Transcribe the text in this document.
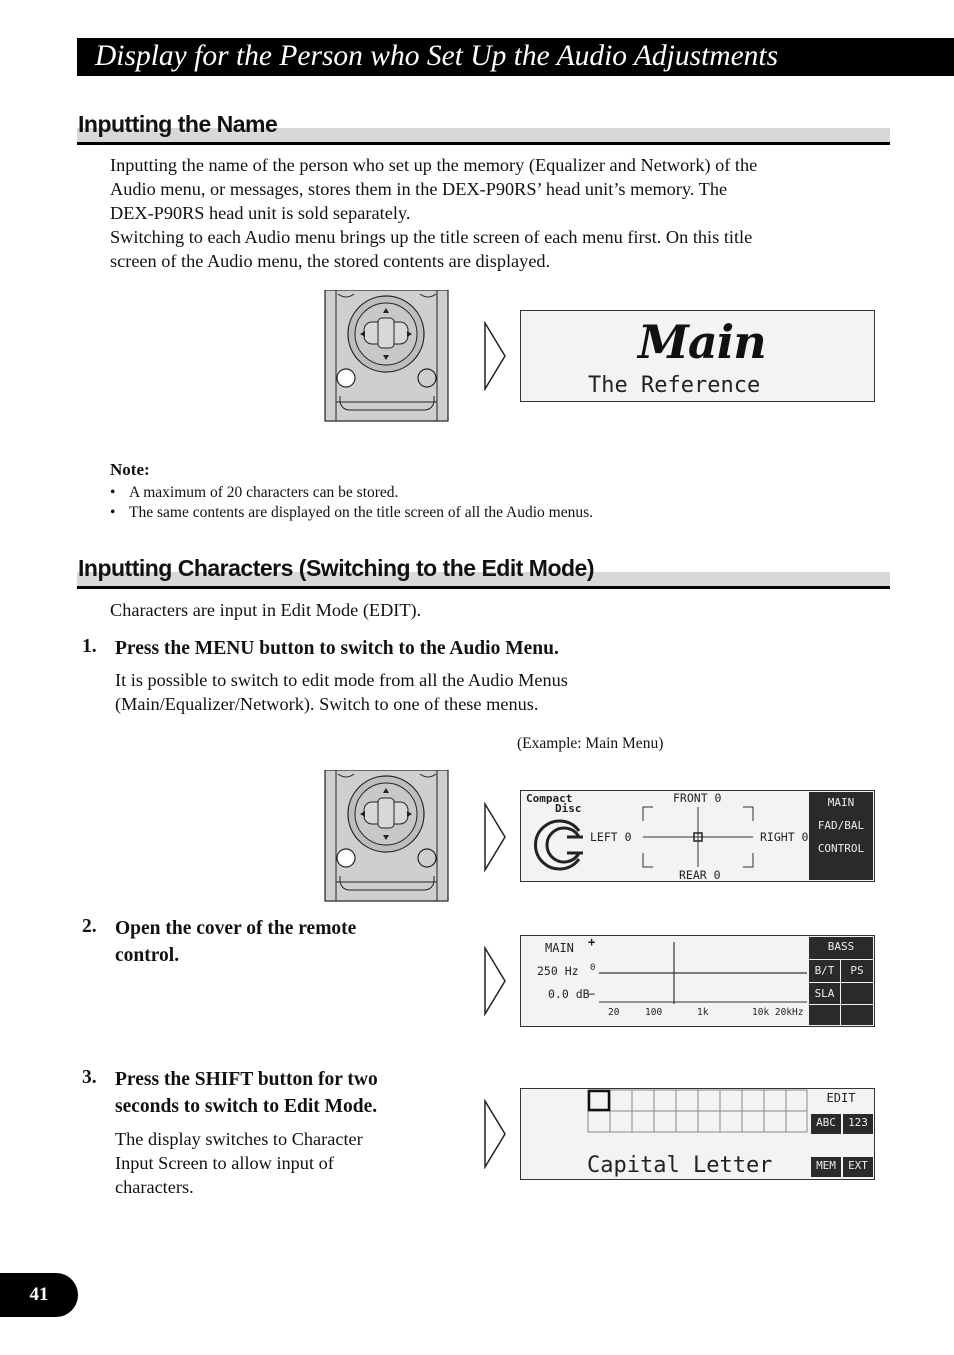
Display for the Person who Set Up the Audio Adjustments
Inputting the Name
Inputting the name of the person who set up the memory (Equalizer and Network) of the
Audio menu, or messages, stores them in the DEX-P90RS’ head unit’s memory. The
DEX-P90RS head unit is sold separately.
Switching to each Audio menu brings up the title screen of each menu first. On this title
screen of the Audio menu, the stored contents are displayed.
Main
The Reference
Note:
• A maximum of 20 characters can be stored.
• The same contents are displayed on the title screen of all the Audio menus.
Inputting Characters (Switching to the Edit Mode)
Characters are input in Edit Mode (EDIT).
1. Press the MENU button to switch to the Audio Menu.
It is possible to switch to edit mode from all the Audio Menus
(Main/Equalizer/Network). Switch to one of these menus.
(Example: Main Menu)
Compact
Disc
FRONT 0
REAR 0
LEFT 0	RIGHT 0
MAIN
FAD/BAL
CONTROL
2. Open the cover of the remote
control.	MAIN
250 Hz
0.0 dB
+
0
−
20	100	1k	10k 20kHz
BASS
B/T	PS
SLA
3. Press the SHIFT button for two
seconds to switch to Edit Mode.
The display switches to Character
Input Screen to allow input of
characters.
Capital Letter
EDIT
ABC	123
MEM	EXT
41
